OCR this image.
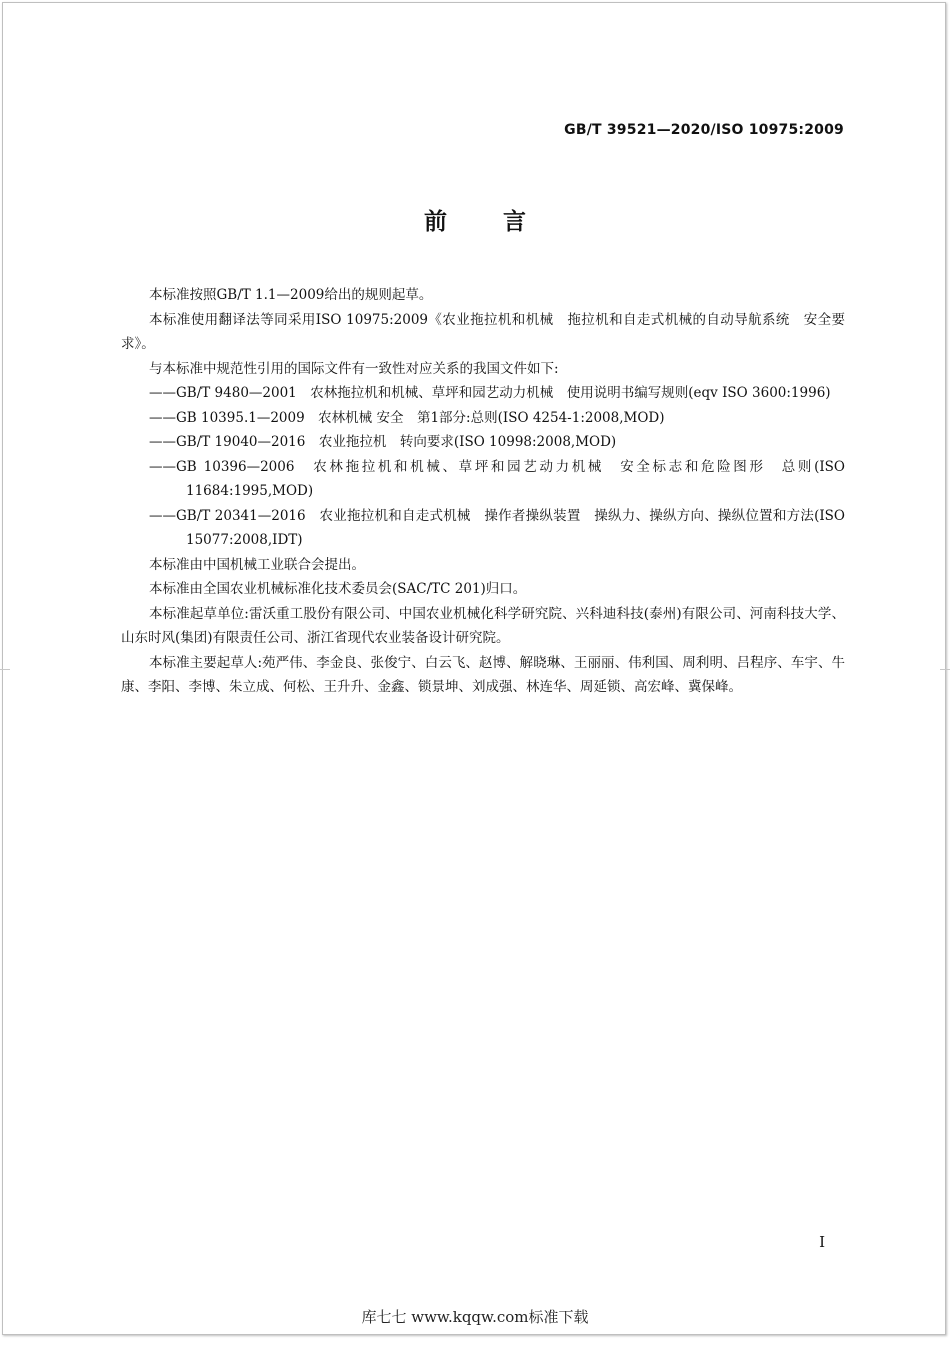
GB/T 39521—2020/ISO 10975:2009
前言

本标准按照GB/T 1.1—2009给出的规则起草。

本标准使用翻译法等同采用ISO 10975:2009《农业拖拉机和机械　拖拉机和自走式机械的自动导航系统　安全要求》。

与本标准中规范性引用的国际文件有一致性对应关系的我国文件如下:

——GB/T 9480—2001　农林拖拉机和机械、草坪和园艺动力机械　使用说明书编写规则(eqv ISO 3600:1996)

——GB 10395.1—2009　农林机械 安全　第1部分:总则(ISO 4254-1:2008,MOD)

——GB/T 19040—2016　农业拖拉机　转向要求(ISO 10998:2008,MOD)

——GB 10396—2006　农林拖拉机和机械、草坪和园艺动力机械　安全标志和危险图形　总则(ISO 11684:1995,MOD)

——GB/T 20341—2016　农业拖拉机和自走式机械　操作者操纵装置　操纵力、操纵方向、操纵位置和方法(ISO 15077:2008,IDT)

本标准由中国机械工业联合会提出。

本标准由全国农业机械标准化技术委员会(SAC/TC 201)归口。

本标准起草单位:雷沃重工股份有限公司、中国农业机械化科学研究院、兴科迪科技(泰州)有限公司、河南科技大学、山东时风(集团)有限责任公司、浙江省现代农业装备设计研究院。

本标准主要起草人:苑严伟、李金良、张俊宁、白云飞、赵博、解晓琳、王丽丽、伟利国、周利明、吕程序、车宇、牛康、李阳、李博、朱立成、何松、王升升、金鑫、锁景坤、刘成强、林连华、周延锁、高宏峰、冀保峰。

I
库七七 www.kqqw.com标准下载
